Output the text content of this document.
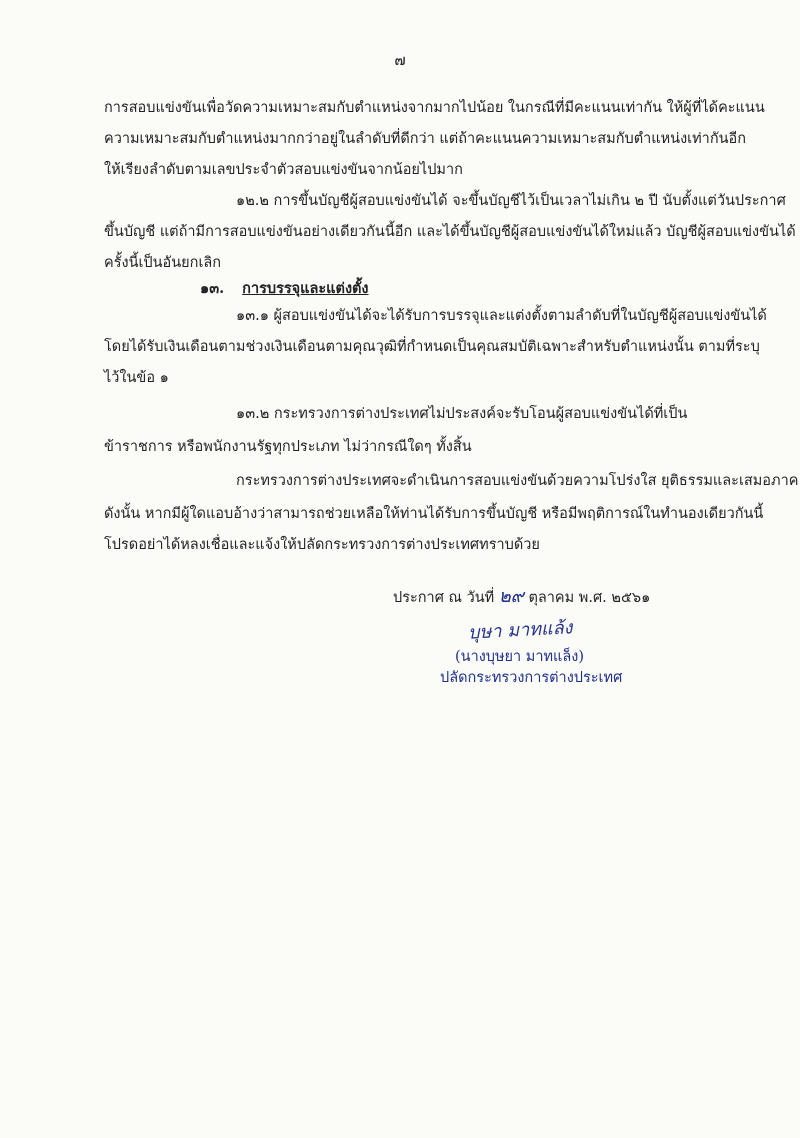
๗
การสอบแข่งขันเพื่อวัดความเหมาะสมกับตำแหน่งจากมากไปน้อย ในกรณีที่มีคะแนนเท่ากัน ให้ผู้ที่ได้คะแนน
ความเหมาะสมกับตำแหน่งมากกว่าอยู่ในลำดับที่ดีกว่า แต่ถ้าคะแนนความเหมาะสมกับตำแหน่งเท่ากันอีก
ให้เรียงลำดับตามเลขประจำตัวสอบแข่งขันจากน้อยไปมาก
๑๒.๒ การขึ้นบัญชีผู้สอบแข่งขันได้ จะขึ้นบัญชีไว้เป็นเวลาไม่เกิน ๒ ปี นับตั้งแต่วันประกาศ
ขึ้นบัญชี แต่ถ้ามีการสอบแข่งขันอย่างเดียวกันนี้อีก และได้ขึ้นบัญชีผู้สอบแข่งขันได้ใหม่แล้ว บัญชีผู้สอบแข่งขันได้
ครั้งนี้เป็นอันยกเลิก
๑๓. การบรรจุและแต่งตั้ง
๑๓.๑ ผู้สอบแข่งขันได้จะได้รับการบรรจุและแต่งตั้งตามลำดับที่ในบัญชีผู้สอบแข่งขันได้
โดยได้รับเงินเดือนตามช่วงเงินเดือนตามคุณวุฒิที่กำหนดเป็นคุณสมบัติเฉพาะสำหรับตำแหน่งนั้น ตามที่ระบุ
ไว้ในข้อ ๑
๑๓.๒ กระทรวงการต่างประเทศไม่ประสงค์จะรับโอนผู้สอบแข่งขันได้ที่เป็น
ข้าราชการ หรือพนักงานรัฐทุกประเภท ไม่ว่ากรณีใดๆ ทั้งสิ้น
กระทรวงการต่างประเทศจะดำเนินการสอบแข่งขันด้วยความโปร่งใส ยุติธรรมและเสมอภาค
ดังนั้น หากมีผู้ใดแอบอ้างว่าสามารถช่วยเหลือให้ท่านได้รับการขึ้นบัญชี หรือมีพฤติการณ์ในทำนองเดียวกันนี้
โปรดอย่าได้หลงเชื่อและแจ้งให้ปลัดกระทรวงการต่างประเทศทราบด้วย
ประกาศ ณ วันที่ ๒๙ ตุลาคม พ.ศ. ๒๕๖๑
บุษา มาทแล้ง
(นางบุษยา มาทแล็ง)
ปลัดกระทรวงการต่างประเทศ
